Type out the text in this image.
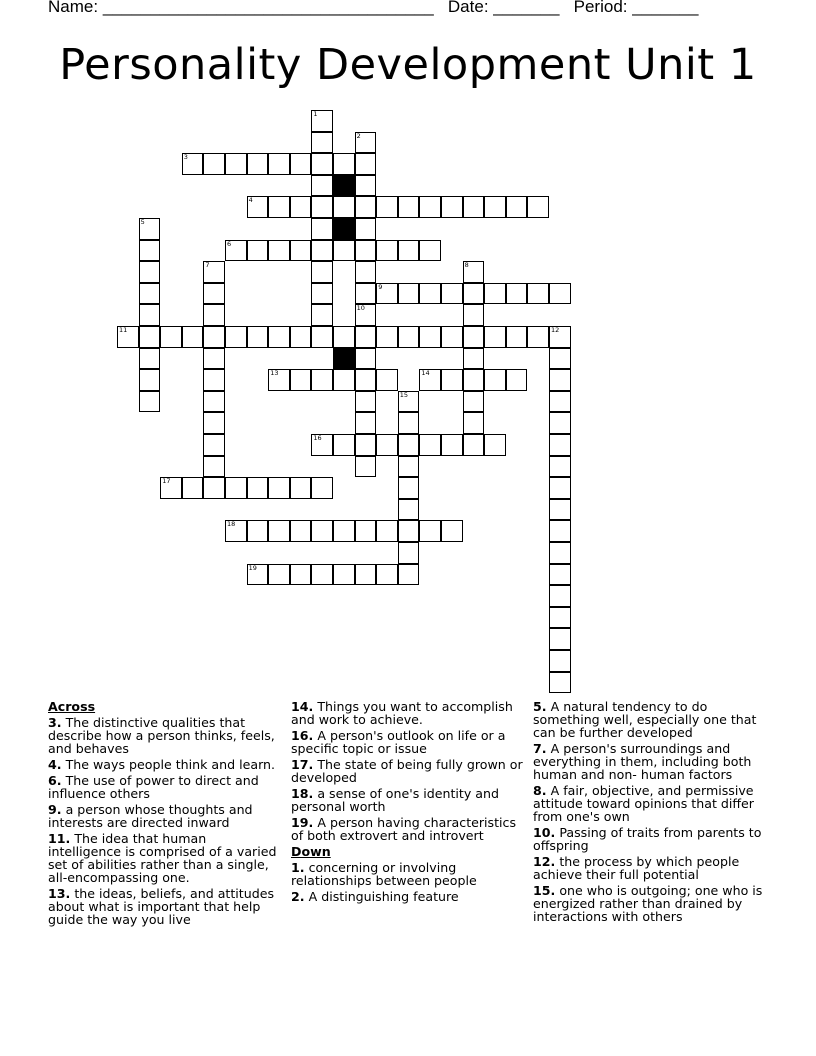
Name: ___________________________________ Date: _______ Period: _______
Personality Development Unit 1
3
4
6
9
11	12
13	14
16
17
18
19
1
2
10
5
7	8
15
Across

3. The distinctive qualities that describe how a person thinks, feels, and behaves

4. The ways people think and learn.

6. The use of power to direct and influence others

9. a person whose thoughts and interests are directed inward

11. The idea that human intelligence is comprised of a varied set of abilities rather than a single, all-encompassing one.

13. the ideas, beliefs, and attitudes about what is important that help guide the way you live

14. Things you want to accomplish and work to achieve.

16. A person's outlook on life or a specific topic or issue

17. The state of being fully grown or developed

18. a sense of one's identity and personal worth

19. A person having characteristics of both extrovert and introvert

Down

1. concerning or involving relationships between people

2. A distinguishing feature

5. A natural tendency to do something well, especially one that can be further developed

7. A person's surroundings and everything in them, including both human and non- human factors

8. A fair, objective, and permissive attitude toward opinions that differ from one's own

10. Passing of traits from parents to offspring

12. the process by which people achieve their full potential

15. one who is outgoing; one who is energized rather than drained by interactions with others
